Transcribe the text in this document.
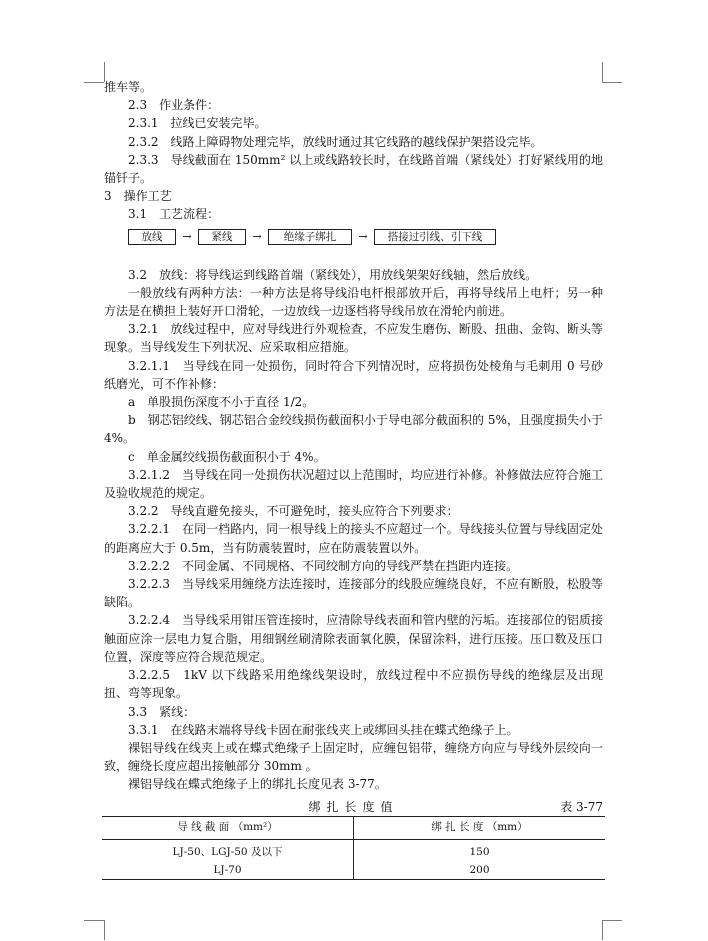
推车等。

2.3　作业条件：

2.3.1　拉线已安装完毕。

2.3.2　线路上障碍物处理完毕，放线时通过其它线路的越线保护架搭设完毕。

2.3.3　导线截面在 150mm² 以上或线路较长时，在线路首端（紧线处）打好紧线用的地锚钎子。

3　操作工艺

3.1　工艺流程：

放线	→	紧线	→	绝缘子绑扎	→	搭接过引线、引下线

3.2　放线：将导线运到线路首端（紧线处），用放线架架好线轴，然后放线。

一般放线有两种方法：一种方法是将导线沿电杆根部放开后，再将导线吊上电杆；另一种方法是在横担上装好开口滑轮，一边放线一边逐档将导线吊放在滑轮内前进。

3.2.1　放线过程中，应对导线进行外观检查，不应发生磨伤、断股、扭曲、金钩、断头等现象。当导线发生下列状况、应采取相应措施。

3.2.1.1　当导线在同一处损伤，同时符合下列情况时，应将损伤处棱角与毛刺用 0 号砂纸磨光，可不作补修：

a　单股损伤深度不小于直径 1/2。

b　钢芯铝绞线、钢芯铝合金绞线损伤截面积小于导电部分截面积的 5%，且强度损失小于 4%。

c　单金属绞线损伤截面积小于 4%。

3.2.1.2　当导线在同一处损伤状况超过以上范围时，均应进行补修。补修做法应符合施工及验收规范的规定。

3.2.2　导线直避免接头，不可避免时，接头应符合下列要求：

3.2.2.1　在同一档路内，同一根导线上的接头不应超过一个。导线接头位置与导线固定处的距离应大于 0.5m，当有防震装置时，应在防震装置以外。

3.2.2.2　不同金属、不同规格、不同绞制方向的导线严禁在挡距内连接。

3.2.2.3　当导线采用缠绕方法连接时，连接部分的线股应缠绕良好，不应有断股，松股等缺陷。

3.2.2.4　当导线采用钳压管连接时，应清除导线表面和管内壁的污垢。连接部位的铝质接触面应涂一层电力复合脂，用细钢丝刷清除表面氧化膜，保留涂料，进行压接。压口数及压口位置，深度等应符合规范规定。

3.2.2.5　1kV 以下线路采用绝缘线架设时，放线过程中不应损伤导线的绝缘层及出现扭、弯等现象。

3.3　紧线：

3.3.1　在线路末端将导线卡固在耐张线夹上或绑回头挂在蝶式绝缘子上。

裸铝导线在线夹上或在蝶式绝缘子上固定时，应缠包铝带，缠绕方向应与导线外层绞向一致，缠绕长度应超出接触部分 30mm 。

裸铝导线在蝶式绝缘子上的绑扎长度见表 3-77。

绑扎长度值	表 3-77
导 线 截 面 （mm²）	绑 扎 长 度 （mm）
LJ-50、LGJ-50 及以下	150
LJ-70	200
